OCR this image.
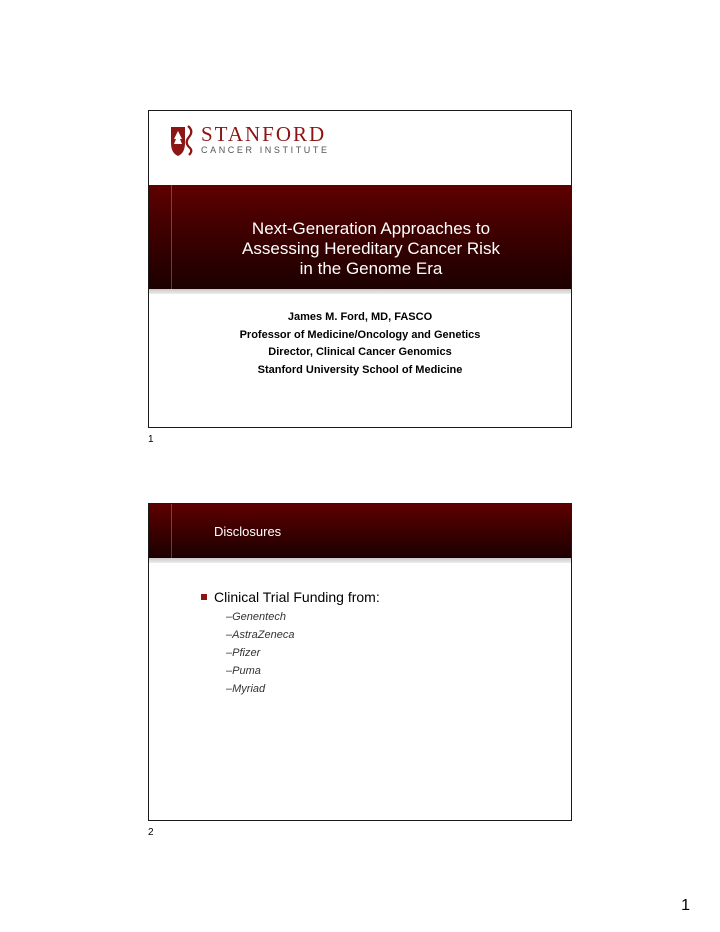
STANFORD
CANCER INSTITUTE
Next-Generation Approaches to
Assessing Hereditary Cancer Risk
in the Genome Era
James M. Ford, MD, FASCO
Professor of Medicine/Oncology and Genetics
Director, Clinical Cancer Genomics
Stanford University School of Medicine
1
Disclosures
Clinical Trial Funding from:
–Genentech
–AstraZeneca
–Pfizer
–Puma
–Myriad
2
1
